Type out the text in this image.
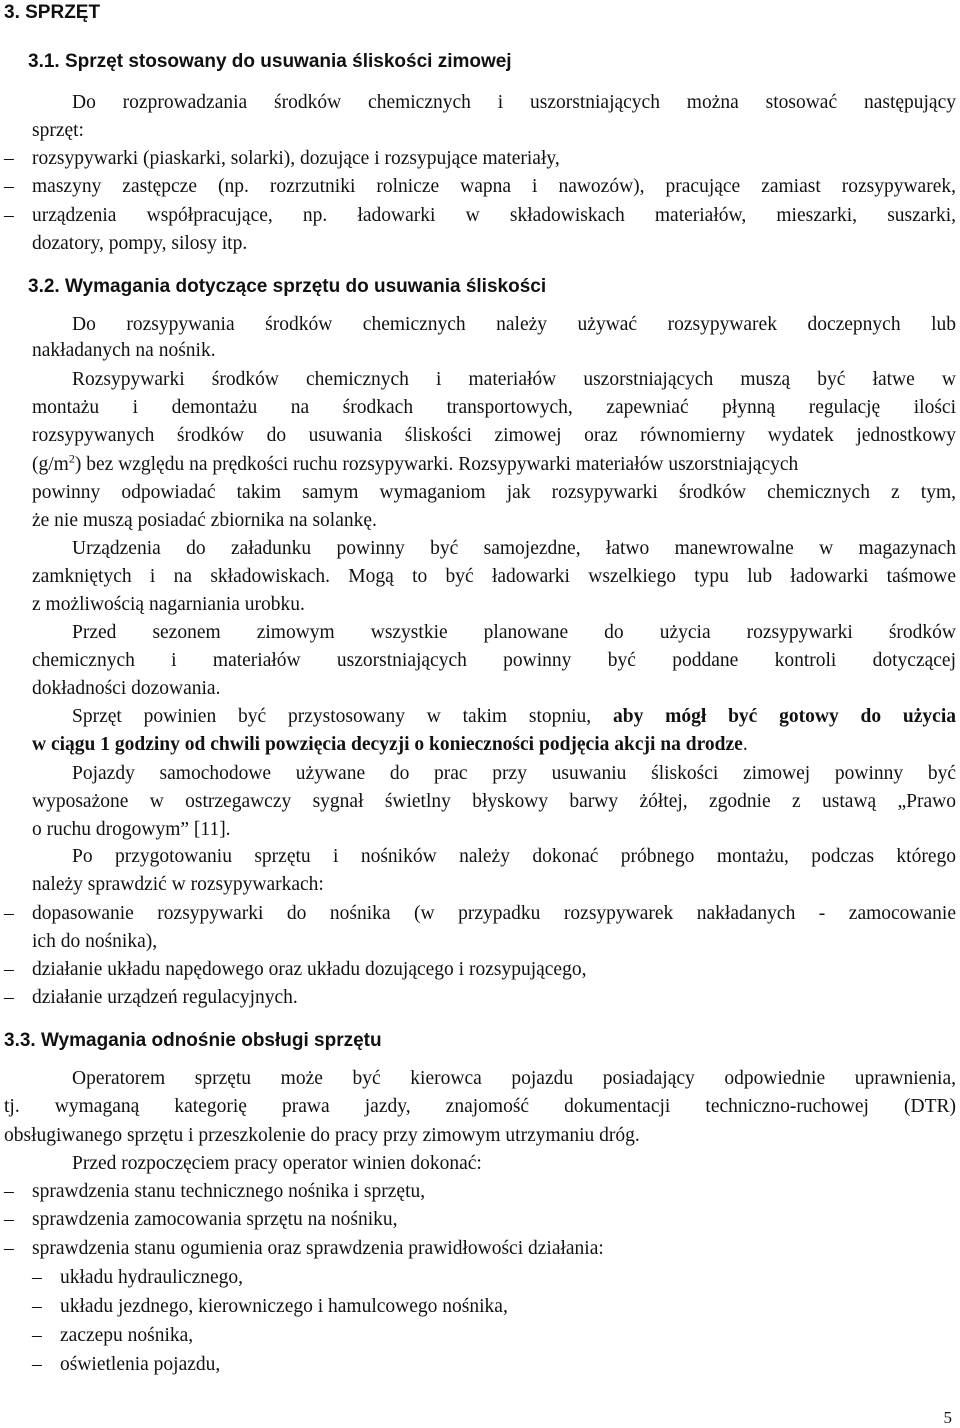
3. SPRZĘT
3.1. Sprzęt stosowany do usuwania śliskości zimowej
Do rozprowadzania środków chemicznych i uszorstniających można stosować następujący
sprzęt:
– rozsypywarki (piaskarki, solarki), dozujące i rozsypujące materiały,
– maszyny zastępcze (np. rozrzutniki rolnicze wapna i nawozów), pracujące zamiast rozsypywarek,
– urządzenia współpracujące, np. ładowarki w składowiskach materiałów, mieszarki, suszarki,
dozatory, pompy, silosy itp.
3.2. Wymagania dotyczące sprzętu do usuwania śliskości
Do rozsypywania środków chemicznych należy używać rozsypywarek doczepnych lub
nakładanych na nośnik.
Rozsypywarki środków chemicznych i materiałów uszorstniających muszą być łatwe w
montażu i demontażu na środkach transportowych, zapewniać płynną regulację ilości
rozsypywanych środków do usuwania śliskości zimowej oraz równomierny wydatek jednostkowy
$(g/m^2)$ bez względu na prędkości ruchu rozsypywarki. Rozsypywarki materiałów uszorstniających
powinny odpowiadać takim samym wymaganiom jak rozsypywarki środków chemicznych z tym,
że nie muszą posiadać zbiornika na solankę.
Urządzenia do załadunku powinny być samojezdne, łatwo manewrowalne w magazynach
zamkniętych i na składowiskach. Mogą to być ładowarki wszelkiego typu lub ładowarki taśmowe
z możliwością nagarniania urobku.
Przed sezonem zimowym wszystkie planowane do użycia rozsypywarki środków
chemicznych i materiałów uszorstniających powinny być poddane kontroli dotyczącej
dokładności dozowania.
Sprzęt powinien być przystosowany w takim stopniu, aby mógł być gotowy do użycia
w ciągu 1 godziny od chwili powzięcia decyzji o konieczności podjęcia akcji na drodze.
Pojazdy samochodowe używane do prac przy usuwaniu śliskości zimowej powinny być
wyposażone w ostrzegawczy sygnał świetlny błyskowy barwy żółtej, zgodnie z ustawą „Prawo
o ruchu drogowym” [11].
Po przygotowaniu sprzętu i nośników należy dokonać próbnego montażu, podczas którego
należy sprawdzić w rozsypywarkach:
– dopasowanie rozsypywarki do nośnika (w przypadku rozsypywarek nakładanych - zamocowanie
ich do nośnika),
– działanie układu napędowego oraz układu dozującego i rozsypującego,
– działanie urządzeń regulacyjnych.
3.3. Wymagania odnośnie obsługi sprzętu
Operatorem sprzętu może być kierowca pojazdu posiadający odpowiednie uprawnienia,
tj. wymaganą kategorię prawa jazdy, znajomość dokumentacji techniczno-ruchowej (DTR)
obsługiwanego sprzętu i przeszkolenie do pracy przy zimowym utrzymaniu dróg.
Przed rozpoczęciem pracy operator winien dokonać:
– sprawdzenia stanu technicznego nośnika i sprzętu,
– sprawdzenia zamocowania sprzętu na nośniku,
– sprawdzenia stanu ogumienia oraz sprawdzenia prawidłowości działania:
– układu hydraulicznego,
– układu jezdnego, kierowniczego i hamulcowego nośnika,
– zaczepu nośnika,
– oświetlenia pojazdu,
5
